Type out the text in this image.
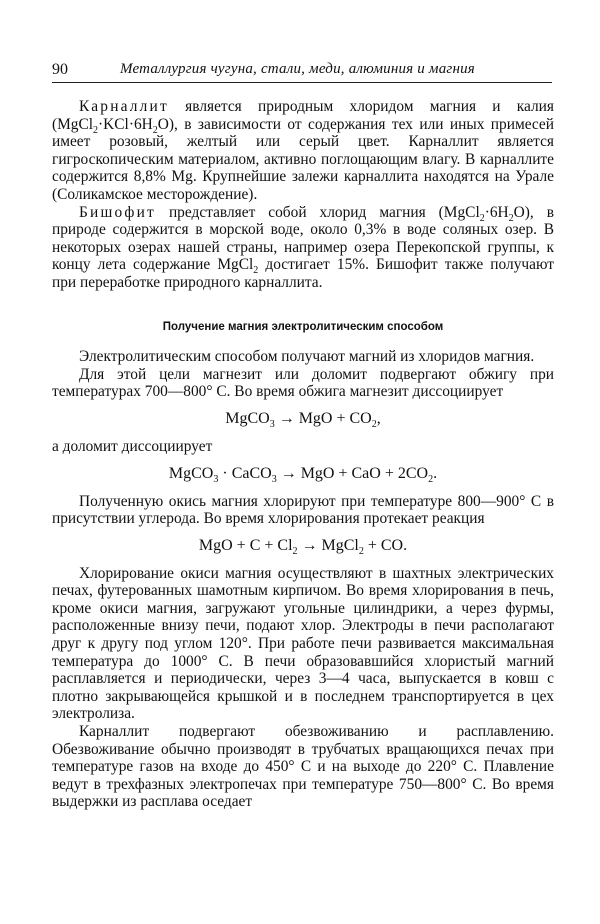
90	Металлургия чугуна, стали, меди, алюминия и магния

Карналлит является природным хлоридом магния и калия $(MgCl_2\cdot KCl\cdot 6H_2O)$, в зависимости от содержания тех или иных примесей имеет розовый, желтый или серый цвет. Карналлит является гигроскопическим материалом, активно поглощающим влагу. В карналлите содержится 8,8% Mg. Крупнейшие залежи карналлита находятся на Урале (Соликамское месторождение).

Бишофит представляет собой хлорид магния $(MgCl_2\cdot 6H_2O)$, в природе содержится в морской воде, около 0,3% в воде соляных озер. В некоторых озерах нашей страны, например озера Перекопской группы, к концу лета содержание MgCl$_2$ достигает 15%. Бишофит также получают при переработке природного карналлита.

Получение магния электролитическим способом

Электролитическим способом получают магний из хлоридов магния.

Для этой цели магнезит или доломит подвергают обжигу при температурах 700—800° С. Во время обжига магнезит диссоциирует

MgCO$_3$ → MgO + $CO_2$,

а доломит диссоциирует

MgCO$_3$ · CaCO$_3$ → MgO + CaO + $2CO_2$.

Полученную окись магния хлорируют при температуре 800—900° С в присутствии углерода. Во время хлорирования протекает реакция

MgO + $C + Cl_2$ → MgCl$_2$ + CO.

Хлорирование окиси магния осуществляют в шахтных электрических печах, футерованных шамотным кирпичом. Во время хлорирования в печь, кроме окиси магния, загружают угольные цилиндрики, а через фурмы, расположенные внизу печи, подают хлор. Электроды в печи располагают друг к другу под углом 120°. При работе печи развивается максимальная температура до 1000° С. В печи образовавшийся хлористый магний расплавляется и периодически, через 3—4 часа, выпускается в ковш с плотно закрывающейся крышкой и в последнем транспортируется в цех электролиза.

Карналлит подвергают обезвоживанию и расплавлению. Обезвоживание обычно производят в трубчатых вращающихся печах при температуре газов на входе до 450° С и на выходе до 220° С. Плавление ведут в трехфазных электропечах при температуре 750—800° С. Во время выдержки из расплава оседает
